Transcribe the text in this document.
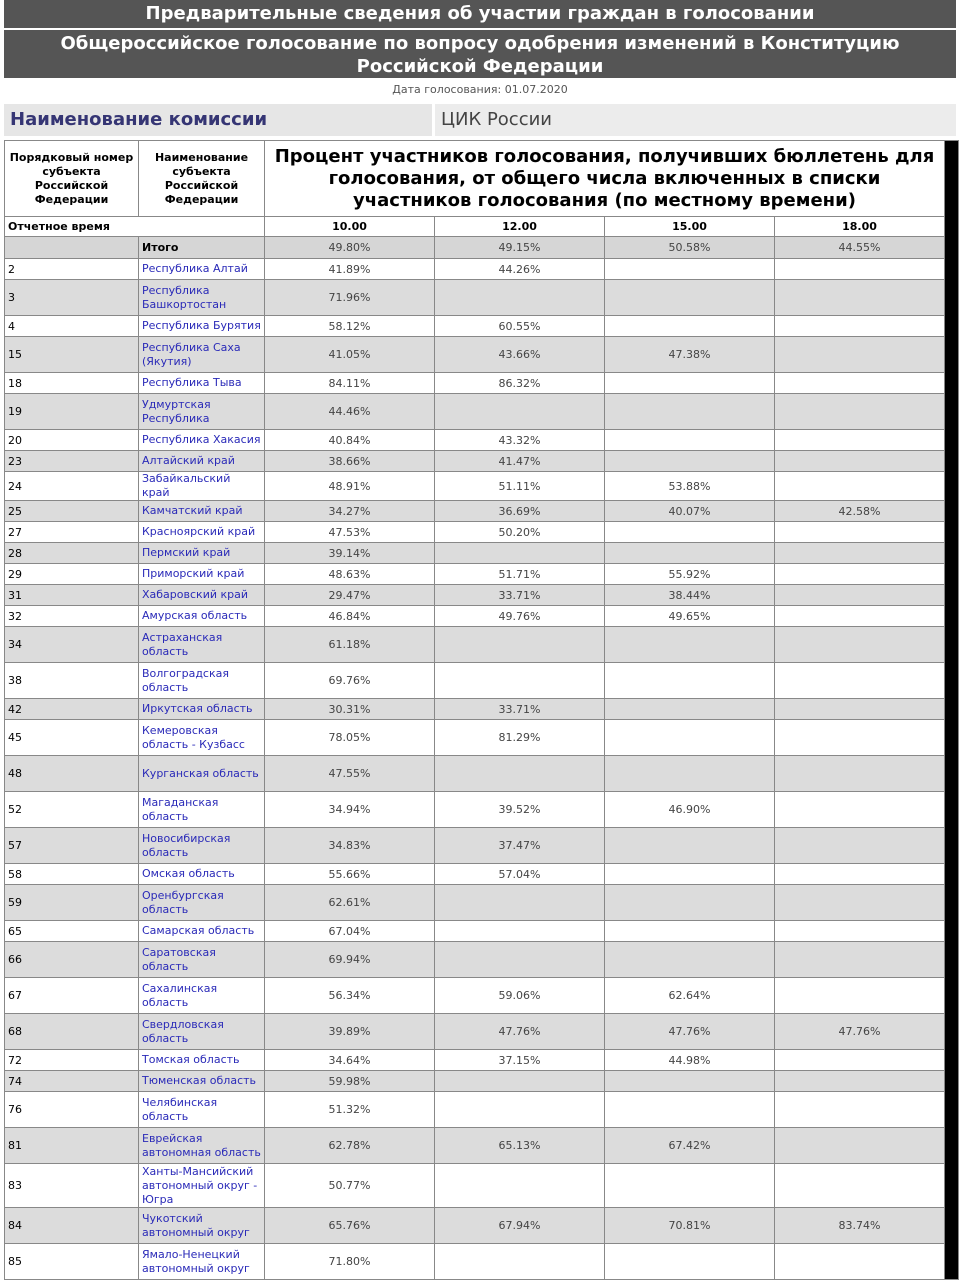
Предварительные сведения об участии граждан в голосовании
Общероссийское голосование по вопросу одобрения изменений в Конституцию Российской Федерации
Дата голосования: 01.07.2020
Наименование комиссии	ЦИК России
Порядковый номер субъекта Российской Федерации	Наименование субъекта Российской Федерации	Процент участников голосования, получивших бюллетень для голосования, от общего числа включенных в списки участников голосования (по местному времени)				
Отчетное время		10.00	12.00	15.00	18.00	
	Итого	49.80%	49.15%	50.58%	44.55%	
2	Республика Алтай	41.89%	44.26%			
3	Республика Башкортостан	71.96%				
4	Республика Бурятия	58.12%	60.55%			
15	Республика Саха (Якутия)	41.05%	43.66%	47.38%		
18	Республика Тыва	84.11%	86.32%			
19	Удмуртская Республика	44.46%				
20	Республика Хакасия	40.84%	43.32%			
23	Алтайский край	38.66%	41.47%			
24	Забайкальский край	48.91%	51.11%	53.88%		
25	Камчатский край	34.27%	36.69%	40.07%	42.58%	
27	Красноярский край	47.53%	50.20%			
28	Пермский край	39.14%				
29	Приморский край	48.63%	51.71%	55.92%		
31	Хабаровский край	29.47%	33.71%	38.44%		
32	Амурская область	46.84%	49.76%	49.65%		
34	Астраханская область	61.18%				
38	Волгоградская область	69.76%				
42	Иркутская область	30.31%	33.71%			
45	Кемеровская область - Кузбасс	78.05%	81.29%			
48	Курганская область	47.55%				
52	Магаданская область	34.94%	39.52%	46.90%		
57	Новосибирская область	34.83%	37.47%			
58	Омская область	55.66%	57.04%			
59	Оренбургская область	62.61%				
65	Самарская область	67.04%				
66	Саратовская область	69.94%				
67	Сахалинская область	56.34%	59.06%	62.64%		
68	Свердловская область	39.89%	47.76%	47.76%	47.76%	
72	Томская область	34.64%	37.15%	44.98%		
74	Тюменская область	59.98%				
76	Челябинская область	51.32%				
81	Еврейская автономная область	62.78%	65.13%	67.42%		
83	Ханты-Мансийский автономный округ - Югра	50.77%				
84	Чукотский автономный округ	65.76%	67.94%	70.81%	83.74%	
85	Ямало-Ненецкий автономный округ	71.80%				
